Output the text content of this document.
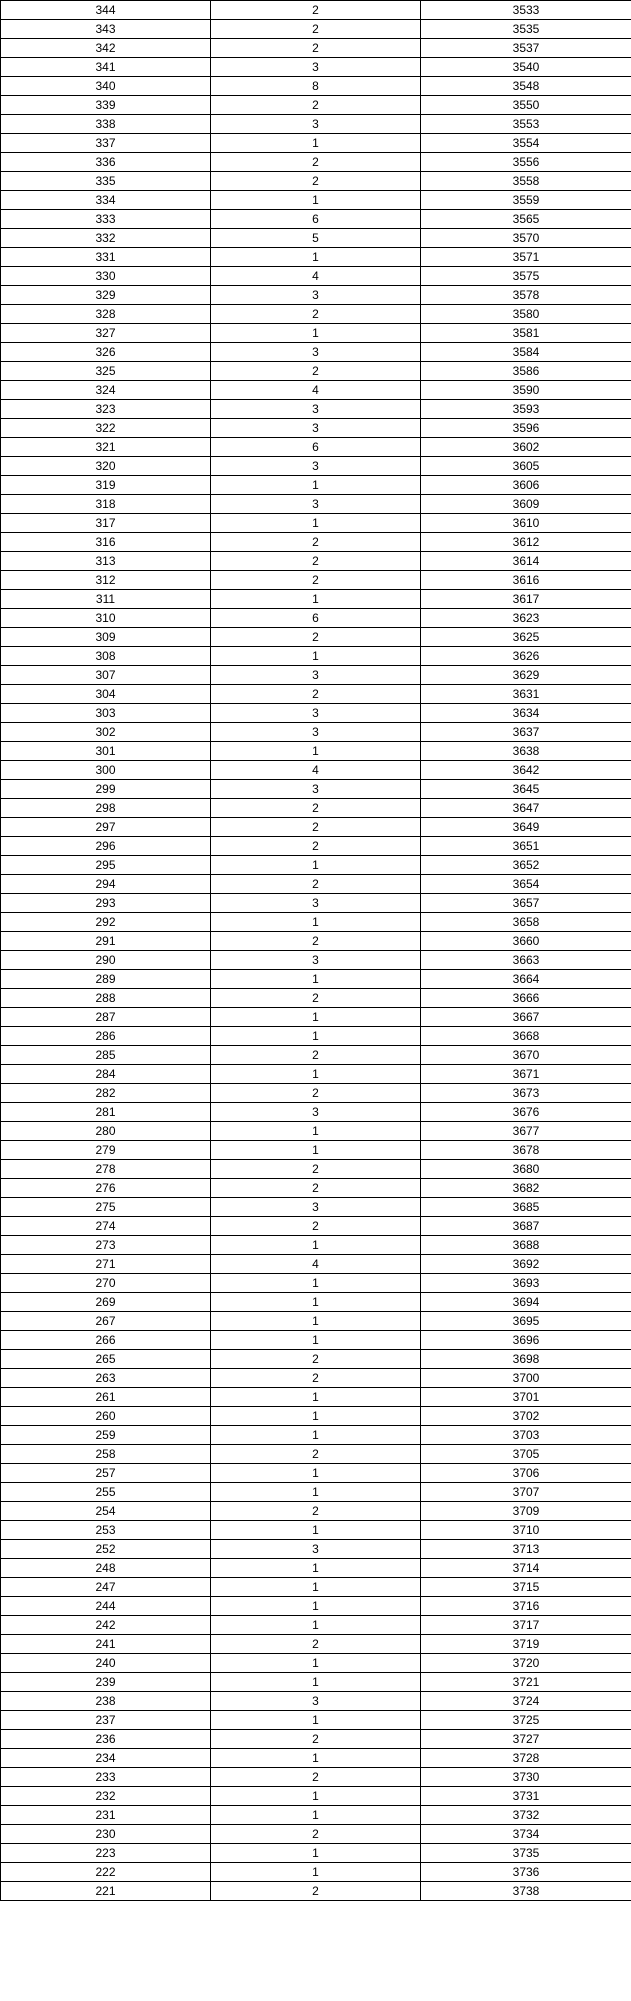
344	2	3533
343	2	3535
342	2	3537
341	3	3540
340	8	3548
339	2	3550
338	3	3553
337	1	3554
336	2	3556
335	2	3558
334	1	3559
333	6	3565
332	5	3570
331	1	3571
330	4	3575
329	3	3578
328	2	3580
327	1	3581
326	3	3584
325	2	3586
324	4	3590
323	3	3593
322	3	3596
321	6	3602
320	3	3605
319	1	3606
318	3	3609
317	1	3610
316	2	3612
313	2	3614
312	2	3616
311	1	3617
310	6	3623
309	2	3625
308	1	3626
307	3	3629
304	2	3631
303	3	3634
302	3	3637
301	1	3638
300	4	3642
299	3	3645
298	2	3647
297	2	3649
296	2	3651
295	1	3652
294	2	3654
293	3	3657
292	1	3658
291	2	3660
290	3	3663
289	1	3664
288	2	3666
287	1	3667
286	1	3668
285	2	3670
284	1	3671
282	2	3673
281	3	3676
280	1	3677
279	1	3678
278	2	3680
276	2	3682
275	3	3685
274	2	3687
273	1	3688
271	4	3692
270	1	3693
269	1	3694
267	1	3695
266	1	3696
265	2	3698
263	2	3700
261	1	3701
260	1	3702
259	1	3703
258	2	3705
257	1	3706
255	1	3707
254	2	3709
253	1	3710
252	3	3713
248	1	3714
247	1	3715
244	1	3716
242	1	3717
241	2	3719
240	1	3720
239	1	3721
238	3	3724
237	1	3725
236	2	3727
234	1	3728
233	2	3730
232	1	3731
231	1	3732
230	2	3734
223	1	3735
222	1	3736
221	2	3738
